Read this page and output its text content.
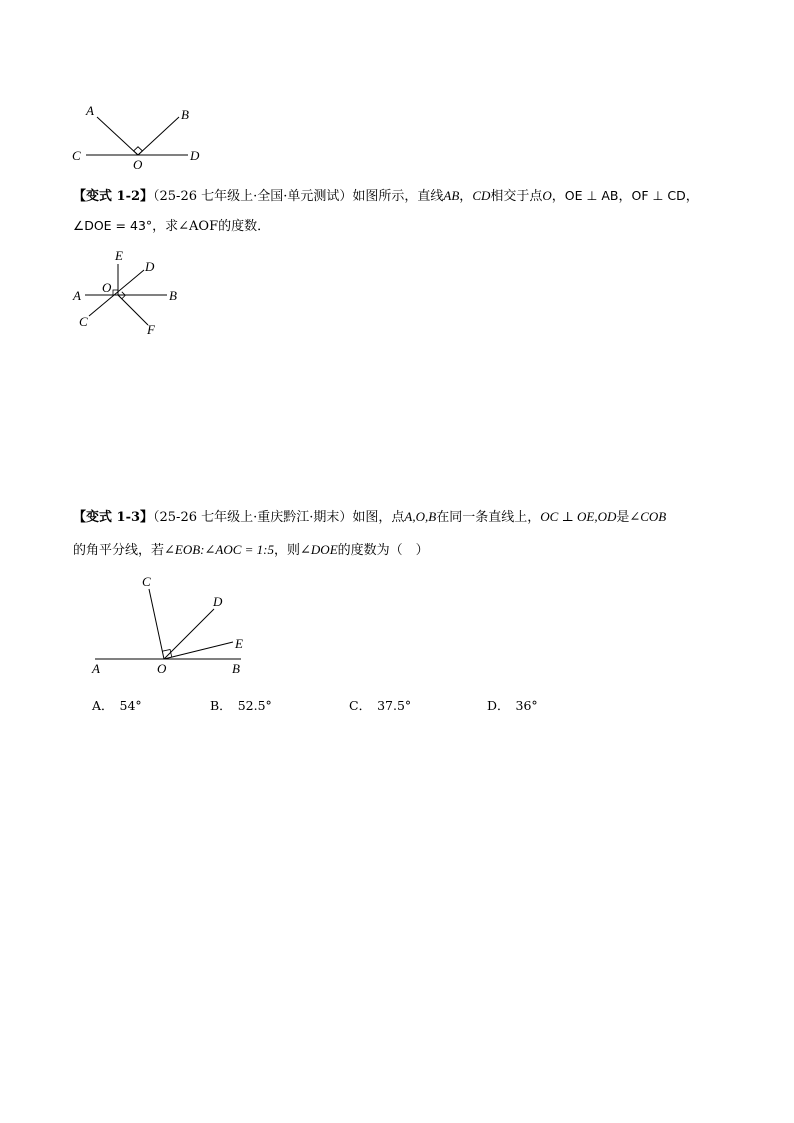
A	B
C
O
D
【变式 1-2】（25-26 七年级上·全国·单元测试）如图所示，直线AB，CD相交于点O，OE ⊥ AB，OF ⊥ CD，
∠DOE = 43°，求∠AOF的度数．
E
D
O
A	B
C
F
【变式 1-3】（25-26 七年级上·重庆黔江·期末）如图，点A,O,B在同一条直线上，OC ⊥ OE,OD是∠COB
的角平分线，若∠EOB:∠AOC = 1:5，则∠DOE的度数为（　）
C
D
E
A	O	B
A． 54°	B． 52.5°	C． 37.5°	D． 36°
